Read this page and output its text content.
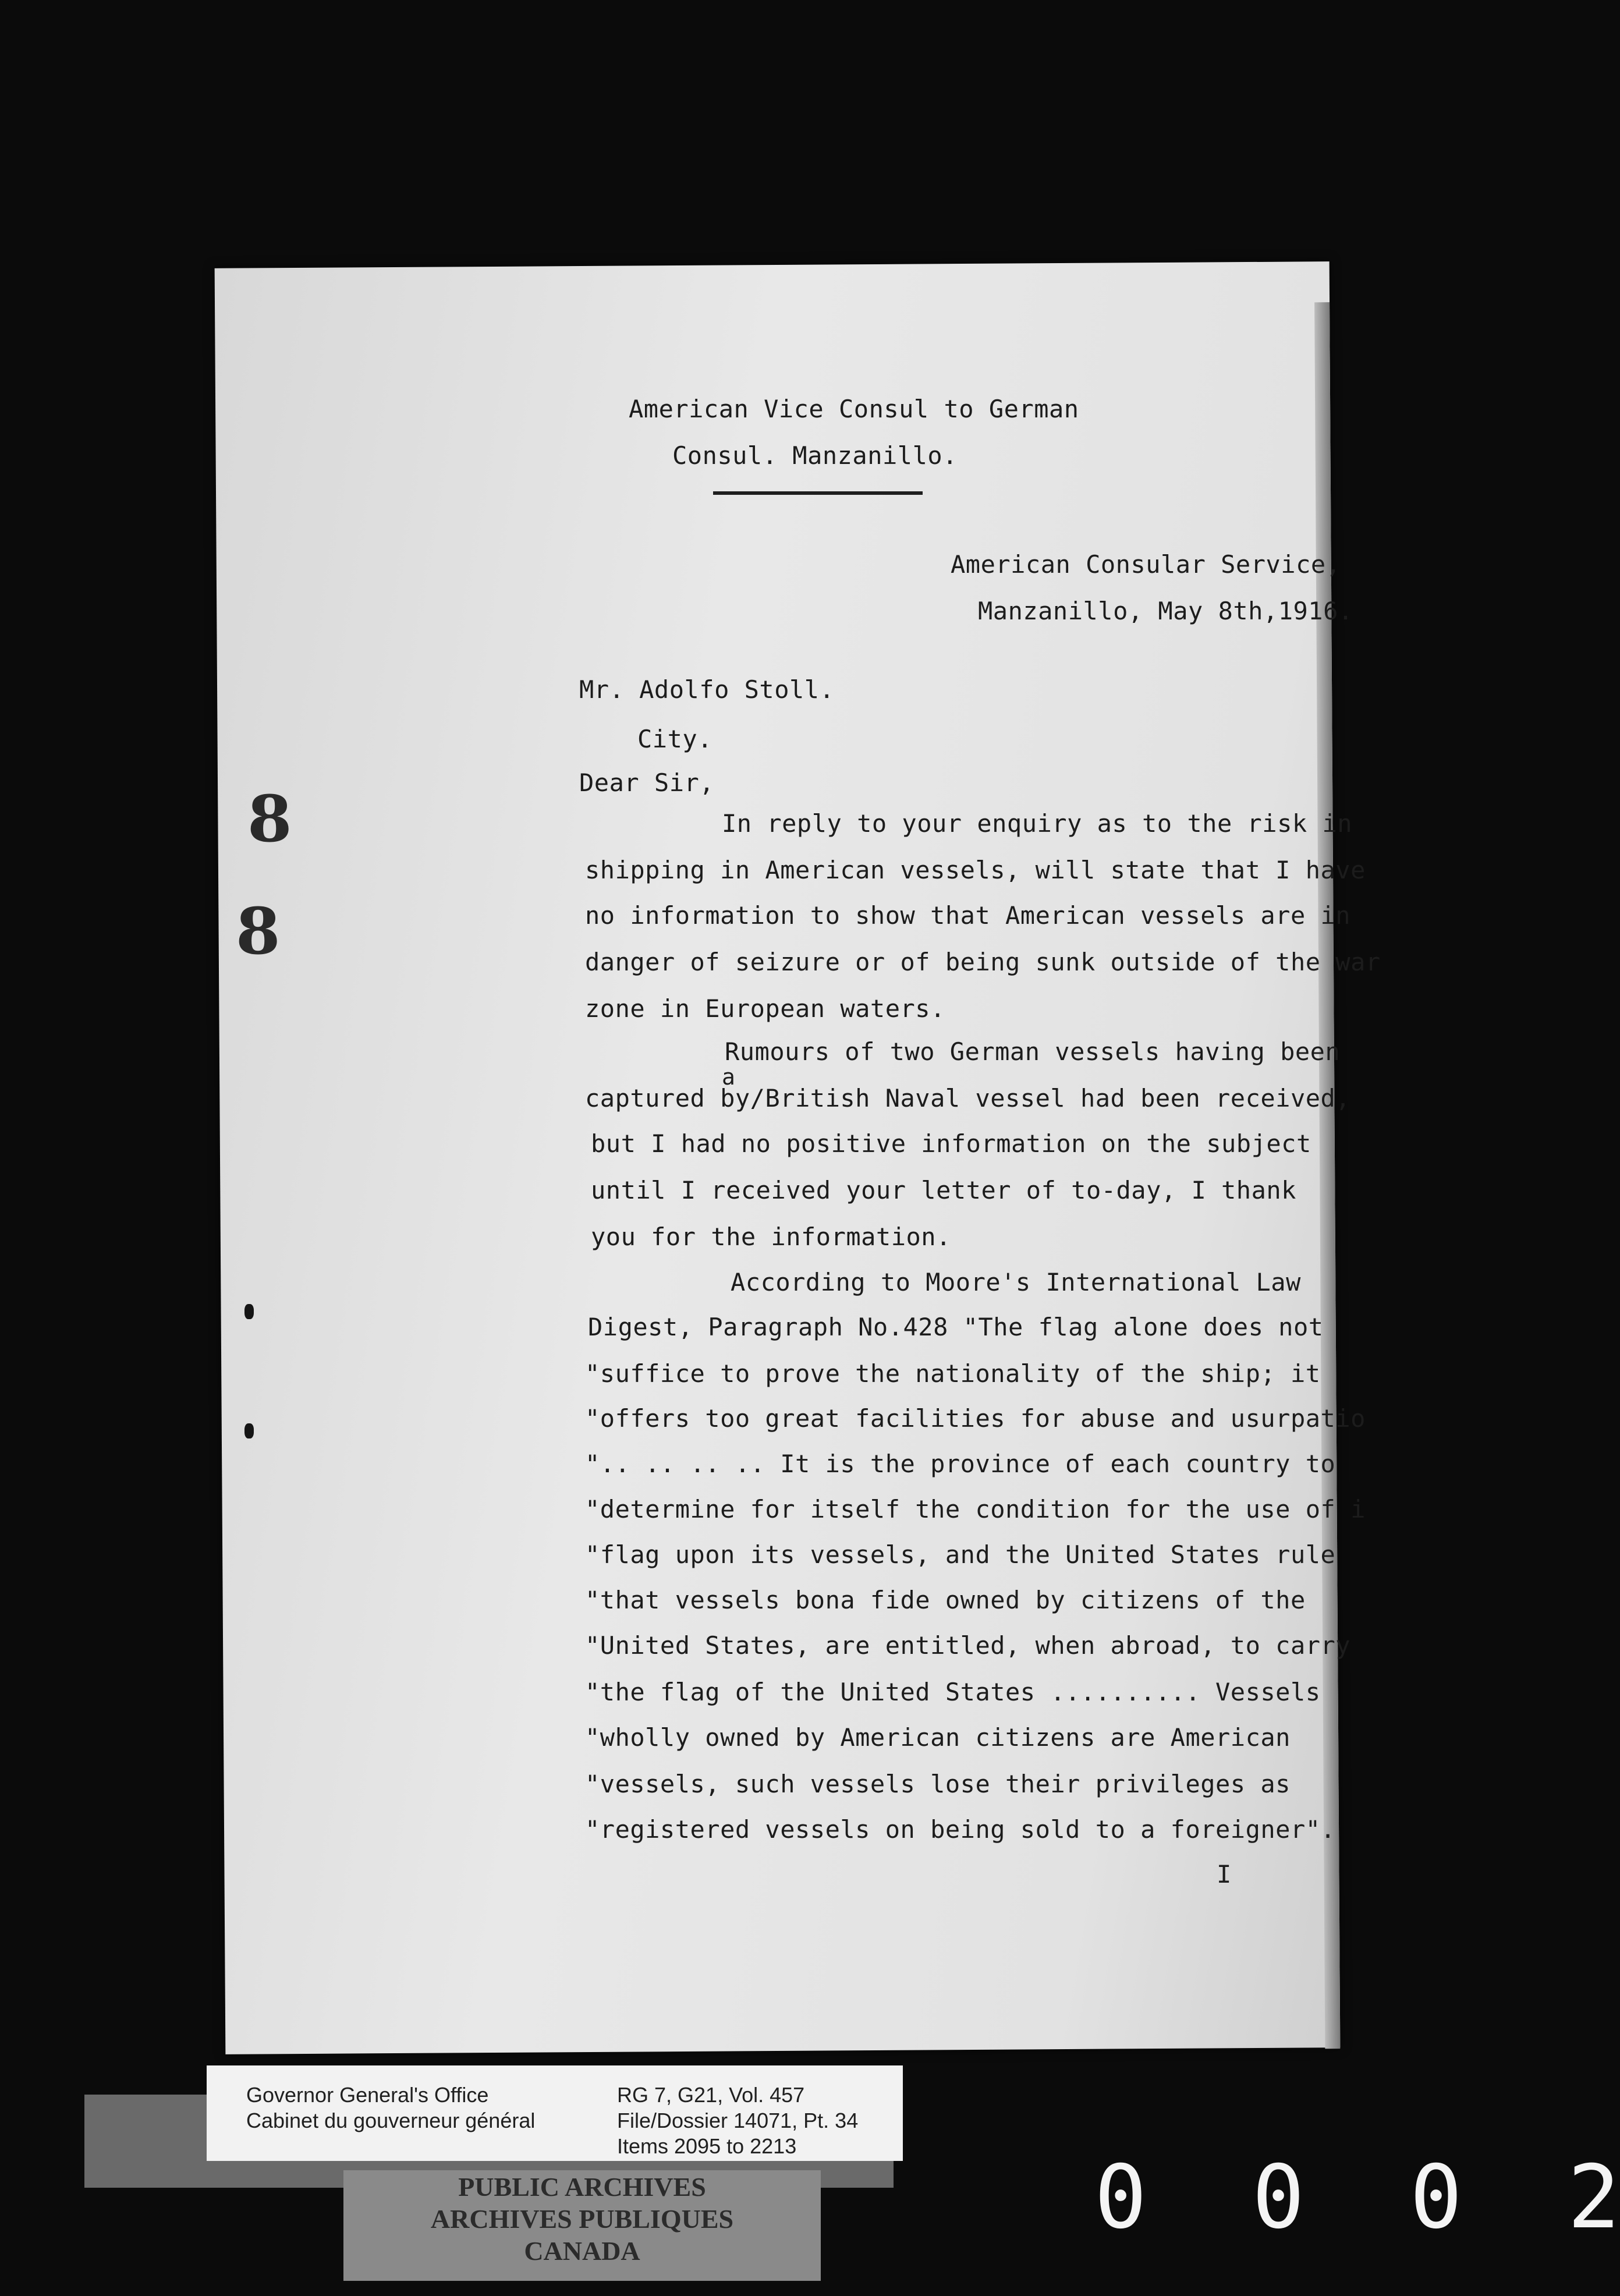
American Vice Consul to German
Consul. Manzanillo.
American Consular Service,
Manzanillo, May 8th,1916.
Mr. Adolfo Stoll.
City.
Dear Sir,
In reply to your enquiry as to the risk in
shipping in American vessels, will state that I have
no information to show that American vessels are in
danger of seizure or of being sunk outside of the war
zone in European waters.
Rumours of two German vessels having been
a
captured by/British Naval vessel had been received,
but I had no positive information on the subject
until I received your letter of to-day, I thank
you for the information.
According to Moore's International Law
Digest, Paragraph No.428 "The flag alone does not
"suffice to prove the nationality of the ship; it
"offers too great facilities for abuse and usurpatio
".. .. .. .. It is the province of each country to
"determine for itself the condition for the use of i
"flag upon its vessels, and the United States rule
"that vessels bona fide owned by citizens of the
"United States, are entitled, when abroad, to carry
"the flag of the United States .......... Vessels
"wholly owned by American citizens are American
"vessels, such vessels lose their privileges as
"registered vessels on being sold to a foreigner".
I
8
8
Governor General's Office
Cabinet du gouverneur général
RG 7, G21, Vol. 457
File/Dossier 14071, Pt. 34
Items 2095 to 2213
PUBLIC ARCHIVES
ARCHIVES PUBLIQUES
CANADA
0  0  0  2
